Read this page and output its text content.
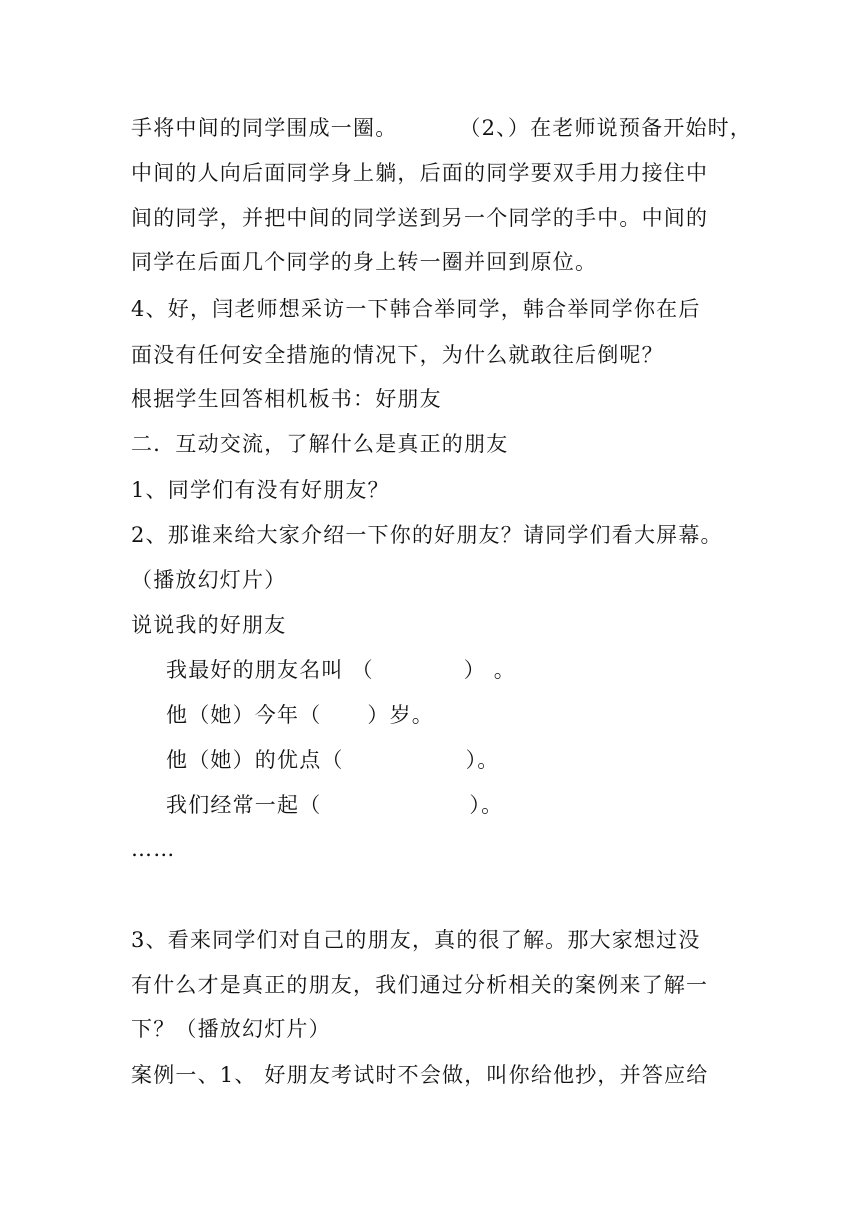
手将中间的同学围成一圈。	（2、）在老师说预备开始时，
中间的人向后面同学身上躺，后面的同学要双手用力接住中
间的同学，并把中间的同学送到另一个同学的手中。中间的
同学在后面几个同学的身上转一圈并回到原位。
4、好，闫老师想采访一下韩合举同学，韩合举同学你在后
面没有任何安全措施的情况下，为什么就敢往后倒呢？
根据学生回答相机板书：好朋友
二．互动交流，了解什么是真正的朋友
1、同学们有没有好朋友？
2、那谁来给大家介绍一下你的好朋友？请同学们看大屏幕。
（播放幻灯片）
说说我的好朋友
我最好的朋友名叫 （	） 。
他（她）今年（ ）岁。
他（她）的优点（	）。
我们经常一起（	）。
……
3、看来同学们对自己的朋友，真的很了解。那大家想过没
有什么才是真正的朋友，我们通过分析相关的案例来了解一
下？（播放幻灯片）
案例一、1、 好朋友考试时不会做，叫你给他抄，并答应给
